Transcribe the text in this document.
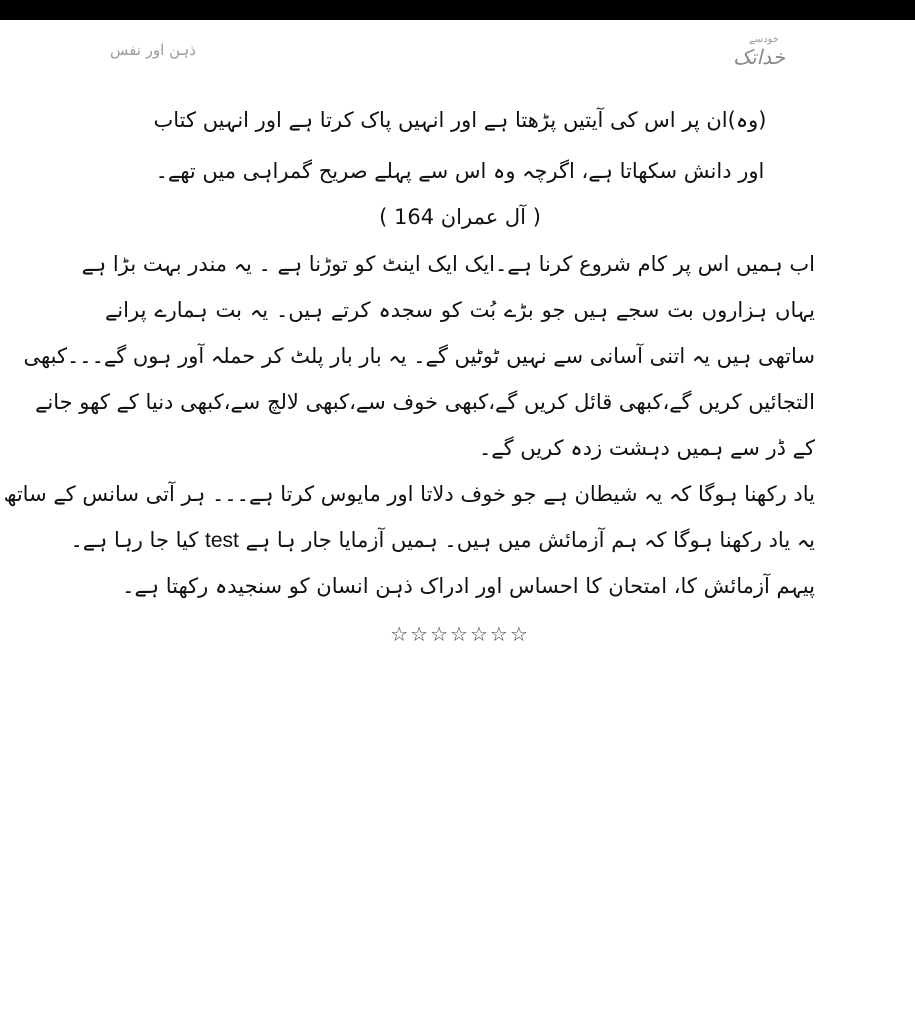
خودسے
خداتک
ذہن اور نفس
(وہ)ان پر اس کی آیتیں پڑھتا ہے اور انہیں پاک کرتا ہے اور انہیں کتاب
اور دانش سکھاتا ہے، اگرچہ وہ اس سے پہلے صریح گمراہی میں تھے۔
( آل عمران 164 )
اب ہمیں اس پر کام شروع کرنا ہے۔ایک ایک اینٹ کو توڑنا ہے ۔ یہ مندر بہت بڑا ہے
یہاں ہزاروں بت سجے ہیں جو بڑے بُت کو سجدہ کرتے ہیں۔ یہ بت ہمارے پرانے
ساتھی ہیں یہ اتنی آسانی سے نہیں ٹوٹیں گے۔ یہ بار بار پلٹ کر حملہ آور ہوں گے۔۔۔کبھی
التجائیں کریں گے،کبھی قائل کریں گے،کبھی خوف سے،کبھی لالچ سے،کبھی دنیا کے کھو جانے
کے ڈر سے ہمیں دہشت زدہ کریں گے۔
یاد رکھنا ہوگا کہ یہ شیطان ہے جو خوف دلاتا اور مایوس کرتا ہے۔۔۔ ہر آتی سانس کے ساتھ
یہ یاد رکھنا ہوگا کہ ہم آزمائش میں ہیں۔ ہمیں آزمایا جار ہا ہے test کیا جا رہا ہے۔
پیہم آزمائش کا، امتحان کا احساس اور ادراک ذہن انسان کو سنجیدہ رکھتا ہے۔
☆☆☆☆☆☆☆
